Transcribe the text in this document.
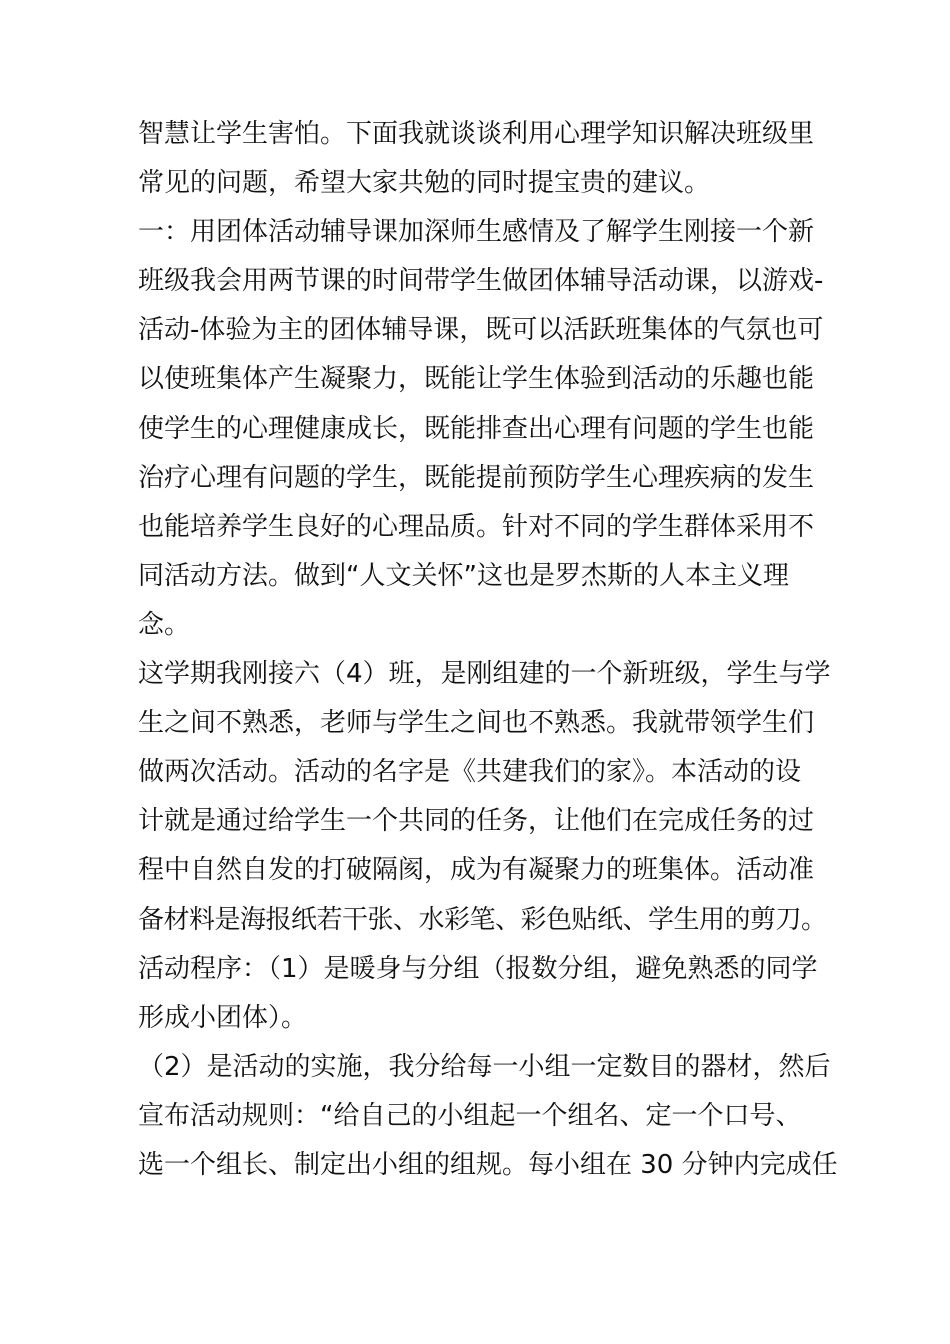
智慧让学生害怕。下面我就谈谈利用心理学知识解决班级里
常见的问题，希望大家共勉的同时提宝贵的建议。
一：用团体活动辅导课加深师生感情及了解学生刚接一个新
班级我会用两节课的时间带学生做团体辅导活动课，以游戏-
活动-体验为主的团体辅导课，既可以活跃班集体的气氛也可
以使班集体产生凝聚力，既能让学生体验到活动的乐趣也能
使学生的心理健康成长，既能排查出心理有问题的学生也能
治疗心理有问题的学生，既能提前预防学生心理疾病的发生
也能培养学生良好的心理品质。针对不同的学生群体采用不
同活动方法。做到“人文关怀”这也是罗杰斯的人本主义理
念。
这学期我刚接六（4）班，是刚组建的一个新班级，学生与学
生之间不熟悉，老师与学生之间也不熟悉。我就带领学生们
做两次活动。活动的名字是《共建我们的家》。本活动的设
计就是通过给学生一个共同的任务，让他们在完成任务的过
程中自然自发的打破隔阂，成为有凝聚力的班集体。活动准
备材料是海报纸若干张、水彩笔、彩色贴纸、学生用的剪刀。
活动程序：（1）是暖身与分组（报数分组，避免熟悉的同学
形成小团体）。
（2）是活动的实施，我分给每一小组一定数目的器材，然后
宣布活动规则：“给自己的小组起一个组名、定一个口号、
选一个组长、制定出小组的组规。每小组在 30 分钟内完成任
